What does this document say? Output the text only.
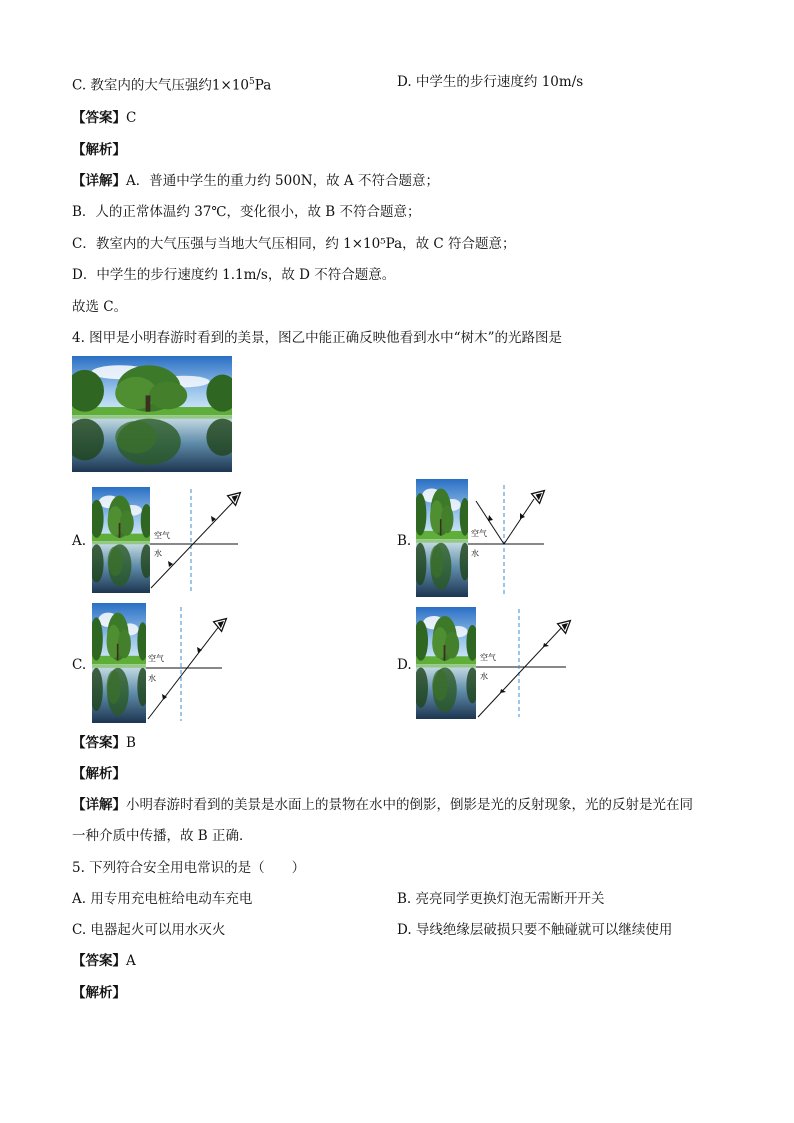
C. 教室内的大气压强约$1\times 10^5Pa$	D. 中学生的步行速度约 10m/s
【答案】C
【解析】
【详解】A．普通中学生的重力约 500N，故 A 不符合题意；
B．人的正常体温约 37℃，变化很小，故 B 不符合题意；
C．教室内的大气压强与当地大气压相同，约 1×10⁵Pa，故 C 符合题意；
D．中学生的步行速度约 1.1m/s，故 D 不符合题意。
故选 C。
4. 图甲是小明春游时看到的美景，图乙中能正确反映他看到水中“树木”的光路图是
A.	空气
水
B.	空气
水
C.	空气
水
D.	空气
水
【答案】B
【解析】
【详解】小明春游时看到的美景是水面上的景物在水中的倒影，倒影是光的反射现象，光的反射是光在同
一种介质中传播，故 B 正确．
5. 下列符合安全用电常识的是（　　）
A. 用专用充电桩给电动车充电	B. 亮亮同学更换灯泡无需断开开关
C. 电器起火可以用水灭火	D. 导线绝缘层破损只要不触碰就可以继续使用
【答案】A
【解析】
